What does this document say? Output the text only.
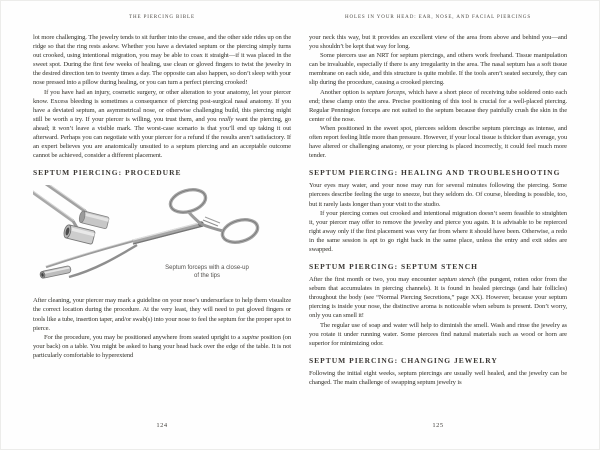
THE PIERCING BIBLE

lot more challenging. The jewelry tends to sit further into the crease, and the other side rides up on the ridge so that the ring rests askew. Whether you have a deviated septum or the piercing simply turns out crooked, using intentional migration, you may be able to coax it straight—if it was placed in the sweet spot. During the first few weeks of healing, use clean or gloved fingers to twist the jewelry in the desired direction ten to twenty times a day. The opposite can also happen, so don’t sleep with your nose pressed into a pillow during healing, or you can turn a perfect piercing crooked!

If you have had an injury, cosmetic surgery, or other alteration to your anatomy, let your piercer know. Excess bleeding is sometimes a consequence of piercing post-surgical nasal anatomy. If you have a deviated septum, an asymmetrical nose, or otherwise challenging build, this piercing might still be worth a try. If your piercer is willing, you trust them, and you really want the piercing, go ahead; it won’t leave a visible mark. The worst-case scenario is that you’ll end up taking it out afterward. Perhaps you can negotiate with your piercer for a refund if the results aren’t satisfactory. If an expert believes you are anatomically unsuited to a septum piercing and an acceptable outcome cannot be achieved, consider a different placement.

SEPTUM PIERCING: PROCEDURE
Septum forceps with a close-up
of the tips

After cleaning, your piercer may mark a guideline on your nose’s undersurface to help them visualize the correct location during the procedure. At the very least, they will need to put gloved fingers or tools like a tube, insertion taper, and/or swab(s) into your nose to feel the septum for the proper spot to pierce.

For the procedure, you may be positioned anywhere from seated upright to a supine position (on your back) on a table. You might be asked to hang your head back over the edge of the table. It is not particularly comfortable to hyperextend

124
HOLES IN YOUR HEAD: EAR, NOSE, AND FACIAL PIERCINGS

your neck this way, but it provides an excellent view of the area from above and behind you—and you shouldn’t be kept that way for long.

Some piercers use an NRT for septum piercings, and others work freehand. Tissue manipulation can be invaluable, especially if there is any irregularity in the area. The nasal septum has a soft tissue membrane on each side, and this structure is quite mobile. If the tools aren’t seated securely, they can slip during the procedure, causing a crooked piercing.

Another option is septum forceps, which have a short piece of receiving tube soldered onto each end; these clamp onto the area. Precise positioning of this tool is crucial for a well-placed piercing. Regular Pennington forceps are not suited to the septum because they painfully crush the skin in the center of the nose.

When positioned in the sweet spot, piercees seldom describe septum piercings as intense, and often report feeling little more than pressure. However, if your local tissue is thicker than average, you have altered or challenging anatomy, or your piercing is placed incorrectly, it could feel much more tender.

SEPTUM PIERCING: HEALING AND TROUBLESHOOTING

Your eyes may water, and your nose may run for several minutes following the piercing. Some piercees describe feeling the urge to sneeze, but they seldom do. Of course, bleeding is possible, too, but it rarely lasts longer than your visit to the studio.

If your piercing comes out crooked and intentional migration doesn’t seem feasible to straighten it, your piercer may offer to remove the jewelry and pierce you again. It is advisable to be repierced right away only if the first placement was very far from where it should have been. Otherwise, a redo in the same session is apt to go right back in the same place, unless the entry and exit sides are swapped.

SEPTUM PIERCING: SEPTUM STENCH

After the first month or two, you may encounter septum stench (the pungent, rotten odor from the sebum that accumulates in piercing channels). It is found in healed piercings (and hair follicles) throughout the body (see “Normal Piercing Secretions,” page XX). However, because your septum piercing is inside your nose, the distinctive aroma is noticeable when sebum is present. Don’t worry, only you can smell it!

The regular use of soap and water will help to diminish the smell. Wash and rinse the jewelry as you rotate it under running water. Some piercees find natural materials such as wood or horn are superior for minimizing odor.

SEPTUM PIERCING: CHANGING JEWELRY

Following the initial eight weeks, septum piercings are usually well healed, and the jewelry can be changed. The main challenge of swapping septum jewelry is

125
